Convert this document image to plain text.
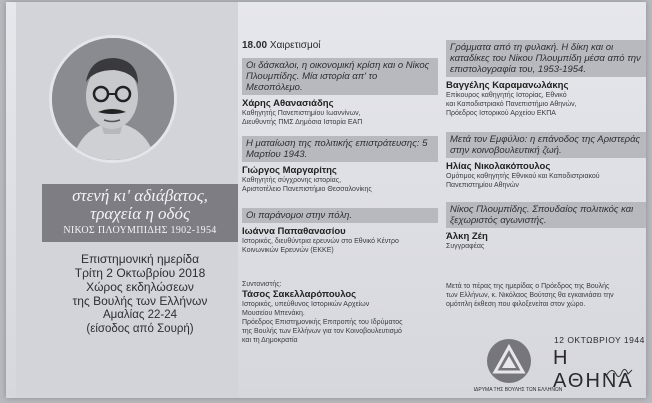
στενή κι' αδιάβατος,
τραχεία η οδός
ΝΙΚΟΣ ΠΛΟΥΜΠΙΔΗΣ 1902-1954
Επιστημονική ημερίδα
Τρίτη 2 Οκτωβρίου 2018
Χώρος εκδηλώσεων
της Βουλής των Ελλήνων
Αμαλίας 22-24
(είσοδος από Σουρή)
18.00 Χαιρετισμοί
Οι δάσκαλοι, η οικονομική κρίση και ο Νίκος Πλουμπίδης. Μία ιστορία απ' το Μεσοπόλεμο.
Χάρης Αθανασιάδης
Καθηγητής Πανεπιστημίου Ιωαννίνων,
Διευθυντής ΠΜΣ Δημόσια Ιστορία ΕΑΠ
Η ματαίωση της πολιτικής επιστράτευσης: 5 Μαρτίου 1943.
Γιώργος Μαργαρίτης
Καθηγητής σύγχρονης ιστορίας,
Αριστοτέλειο Πανεπιστήμιο Θεσσαλονίκης
Οι παράνομοι στην πόλη.
Ιωάννα Παπαθανασίου
Ιστορικός, διευθύντρια ερευνών στο Εθνικό Κέντρο
Κοινωνικών Ερευνών (ΕΚΚΕ)
Γράμματα από τη φυλακή. Η δίκη και οι καταδίκες του Νίκου Πλουμπίδη μέσα από την επιστολογραφία του, 1953-1954.
Βαγγέλης Καραμανωλάκης
Επίκουρος καθηγητής Ιστορίας, Εθνικό
και Καποδιστριακό Πανεπιστήμιο Αθηνών,
Πρόεδρος Ιστορικού Αρχείου ΕΚΠΑ
Μετά τον Εμφύλιο: η επάνοδος της Αριστεράς στην κοινοβουλευτική ζωή.
Ηλίας Νικολακόπουλος
Ομότιμος καθηγητής Εθνικού και Καποδιστριακού
Πανεπιστημίου Αθηνών
Νίκος Πλουμπίδης. Σπουδαίος πολιτικός και ξεχωριστός αγωνιστής.
Άλκη Ζέη
Συγγραφέας
Συντονιστής:
Τάσος Σακελλαρόπουλος
Ιστορικός, υπεύθυνος Ιστορικών Αρχείων
Μουσείου Μπενάκη.
Πρόεδρος Επιστημονικής Επιτροπής του Ιδρύματος
της Βουλής των Ελλήνων για τον Κοινοβουλευτισμό
και τη Δημοκρατία
Μετά το πέρας της ημερίδας ο Πρόεδρος της Βουλής
των Ελλήνων, κ. Νικόλαος Βούτσης θα εγκαινιάσει την
ομότιτλη έκθεση που φιλοξενείται στον χώρο.
ΙΔΡΥΜΑ ΤΗΣ ΒΟΥΛΗΣ ΤΩΝ ΕΛΛΗΝΩΝ
12 ΟΚΤΩΒΡΙΟΥ 1944
Η ΑΘΗΝΑ
